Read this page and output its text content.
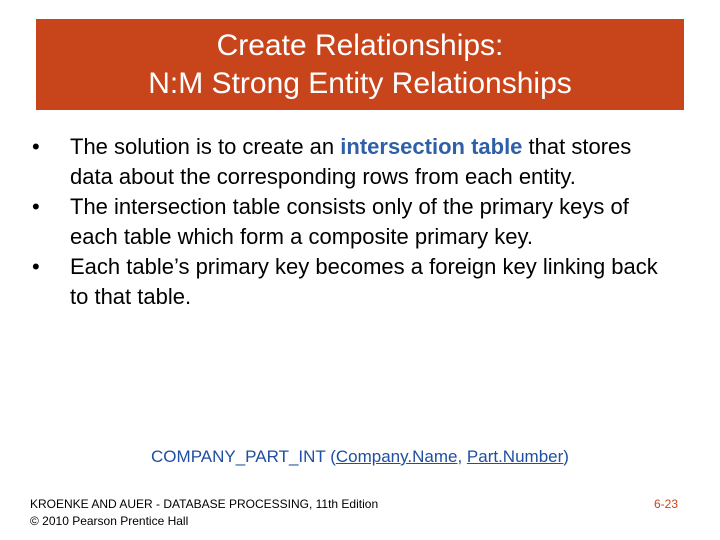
Create Relationships:
N:M Strong Entity Relationships
• The solution is to create an intersection table that stores data about the corresponding rows from each entity.
• The intersection table consists only of the primary keys of each table which form a composite primary key.
• Each table’s primary key becomes a foreign key linking back to that table.
COMPANY_PART_INT (Company.Name, Part.Number)
KROENKE AND AUER - DATABASE PROCESSING, 11th Edition
© 2010 Pearson Prentice Hall
6-23
